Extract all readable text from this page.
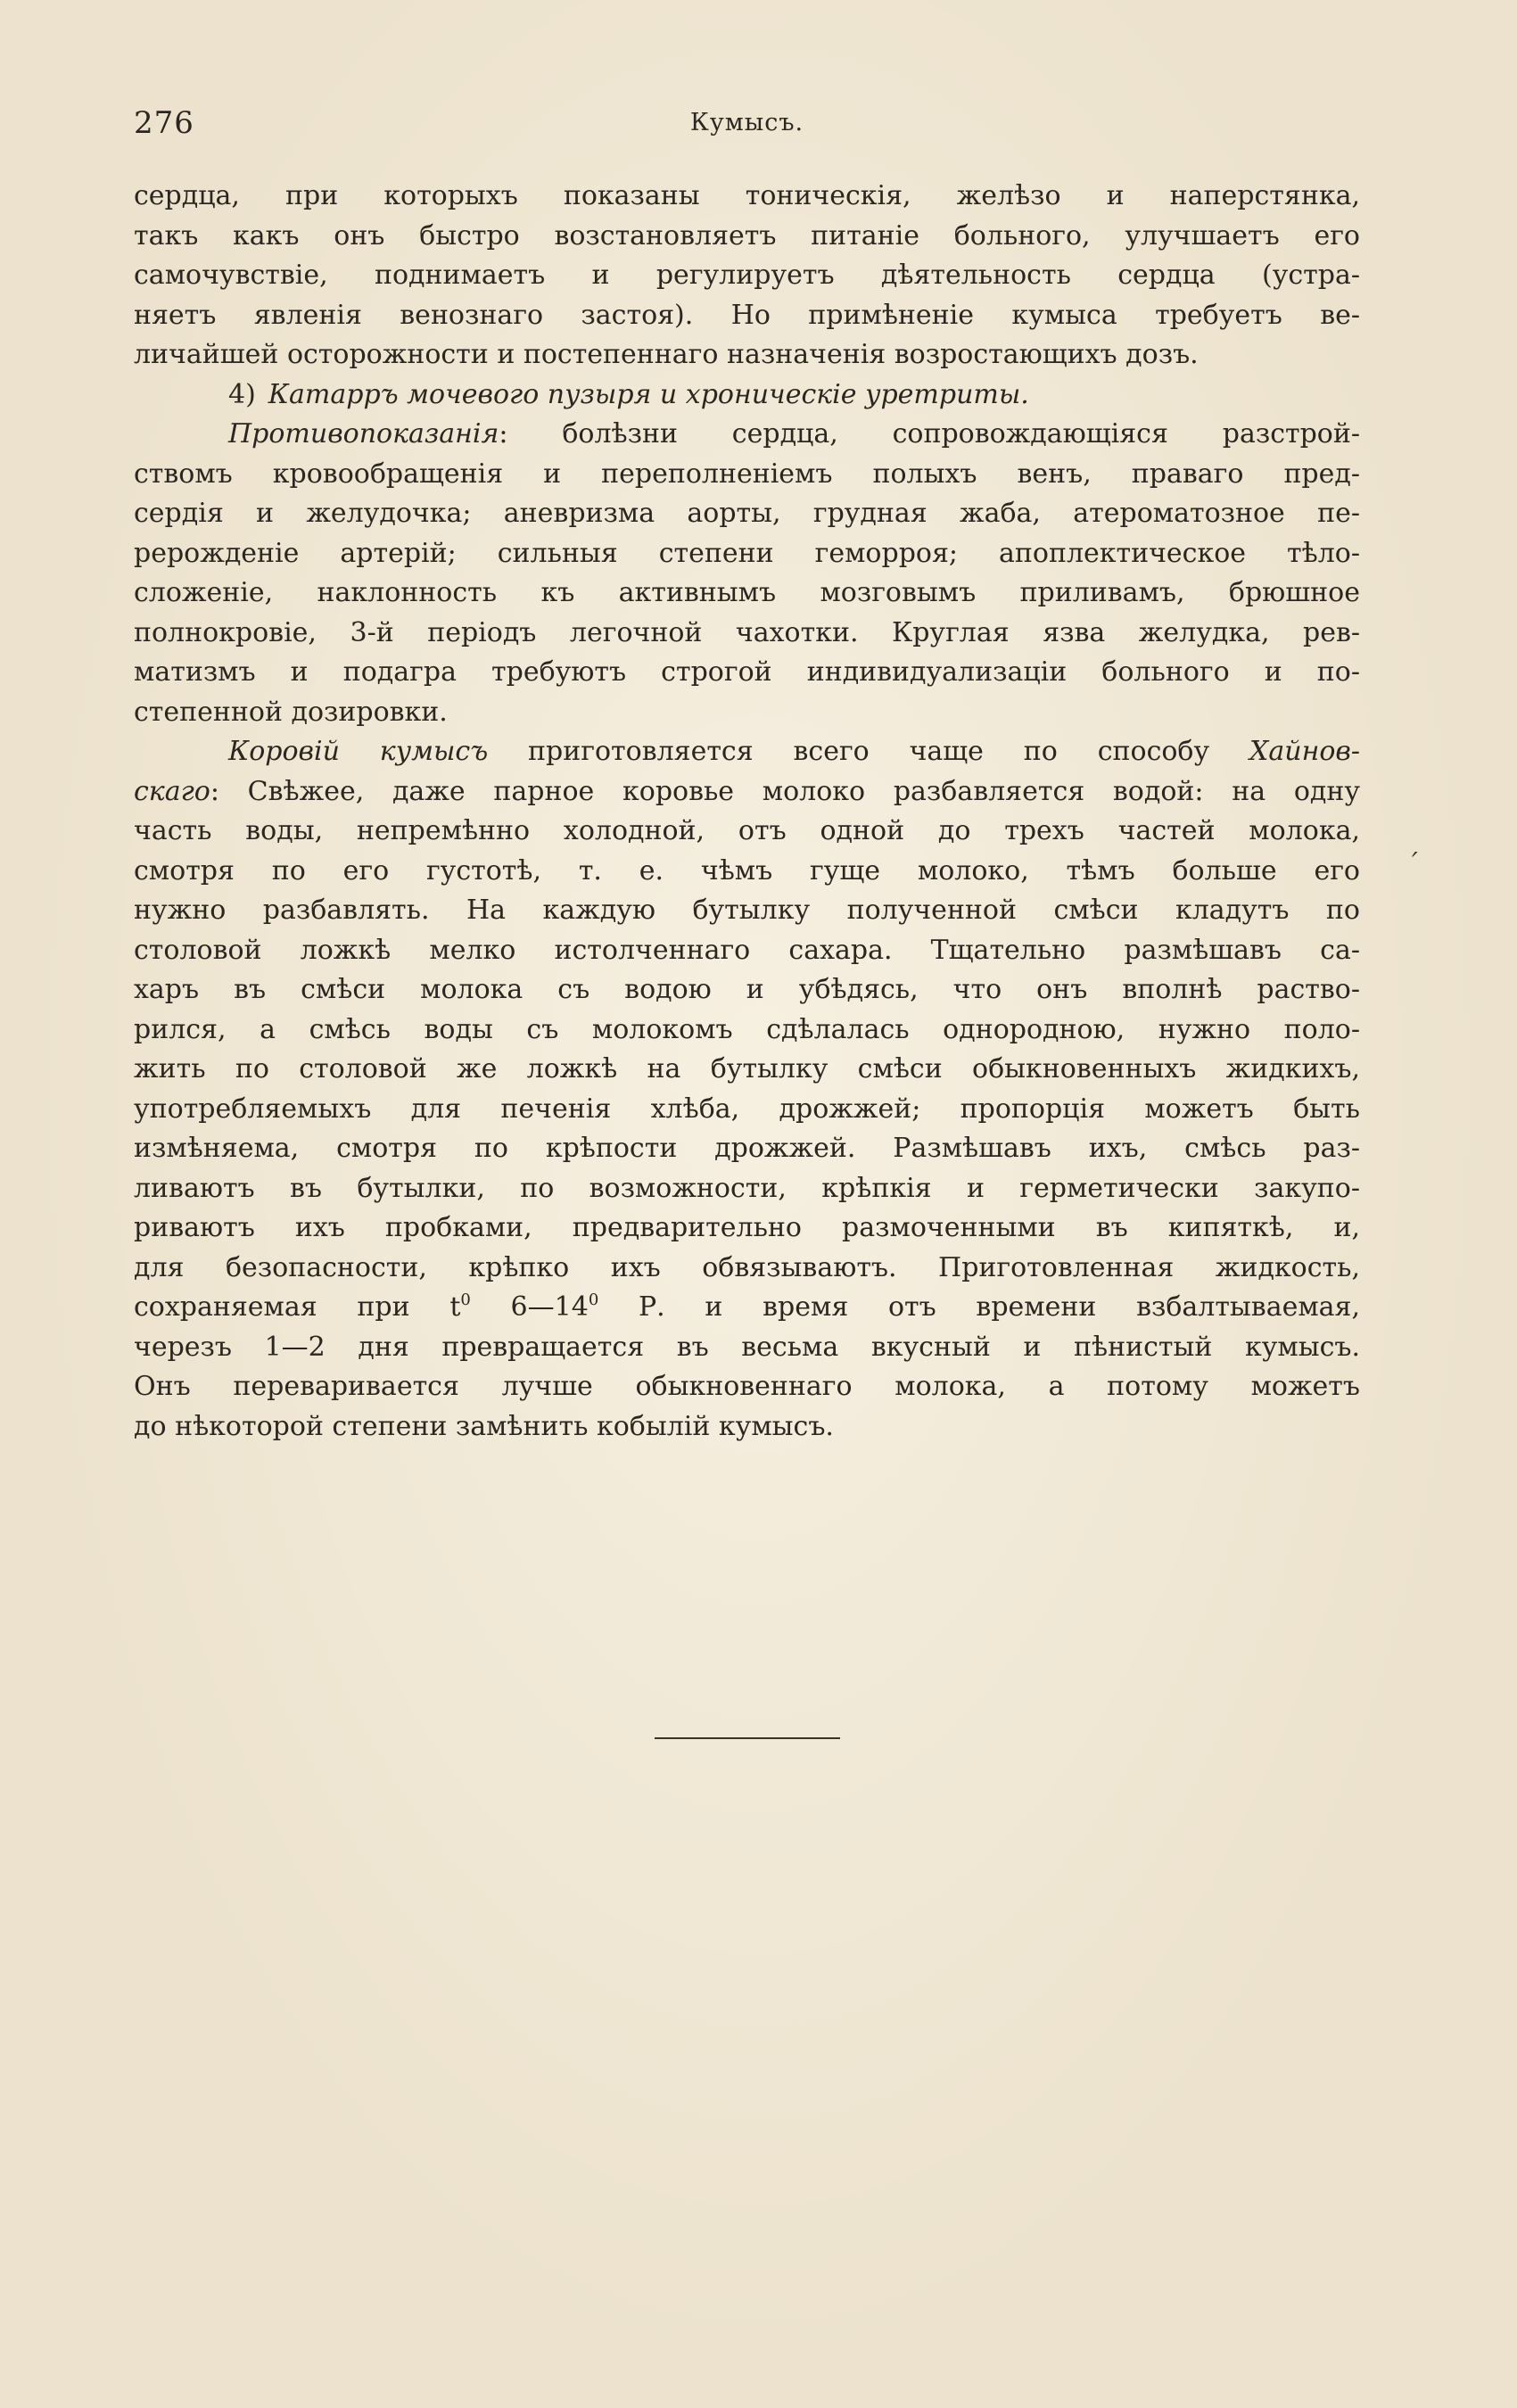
276	Кумысъ.
сердца, при которыхъ показаны тоническія, желѣзо и наперстянка,
такъ какъ онъ быстро возстановляетъ питаніе больного, улучшаетъ его
самочувствіе, поднимаетъ и регулируетъ дѣятельность сердца (устра-
няетъ явленія венознаго застоя). Но примѣненіе кумыса требуетъ ве-
личайшей осторожности и постепеннаго назначенія возростающихъ дозъ.
4) Катарръ мочевого пузыря и хроническіе уретриты.
Противопоказанія: болѣзни сердца, сопровождающіяся разстрой-
ствомъ кровообращенія и переполненіемъ полыхъ венъ, праваго пред-
сердія и желудочка; аневризма аорты, грудная жаба, атероматозное пе-
рерожденіе артерій; сильныя степени геморроя; апоплектическое тѣло-
сложеніе, наклонность къ активнымъ мозговымъ приливамъ, брюшное
полнокровіе, 3-й періодъ легочной чахотки. Круглая язва желудка, рев-
матизмъ и подагра требуютъ строгой индивидуализаціи больного и по-
степенной дозировки.
Коровій кумысъ приготовляется всего чаще по способу Хайнов-
скаго: Свѣжее, даже парное коровье молоко разбавляется водой: на одну
часть воды, непремѣнно холодной, отъ одной до трехъ частей молока,
смотря по его густотѣ, т. е. чѣмъ гуще молоко, тѣмъ больше его
нужно разбавлять. На каждую бутылку полученной смѣси кладутъ по
столовой ложкѣ мелко истолченнаго сахара. Тщательно размѣшавъ са-
харъ въ смѣси молока съ водою и убѣдясь, что онъ вполнѣ раство-
рился, а смѣсь воды съ молокомъ сдѣлалась однородною, нужно поло-
жить по столовой же ложкѣ на бутылку смѣси обыкновенныхъ жидкихъ,
употребляемыхъ для печенія хлѣба, дрожжей; пропорція можетъ быть
измѣняема, смотря по крѣпости дрожжей. Размѣшавъ ихъ, смѣсь раз-
ливаютъ въ бутылки, по возможности, крѣпкія и герметически закупо-
риваютъ ихъ пробками, предварительно размоченными въ кипяткѣ, и,
для безопасности, крѣпко ихъ обвязываютъ. Приготовленная жидкость,
сохраняемая при $t^0$ $6—14^0$ Р. и время отъ времени взбалтываемая,
черезъ 1—2 дня превращается въ весьма вкусный и пѣнистый кумысъ.
Онъ переваривается лучше обыкновеннаго молока, а потому можетъ
до нѣкоторой степени замѣнить кобылій кумысъ.
′
